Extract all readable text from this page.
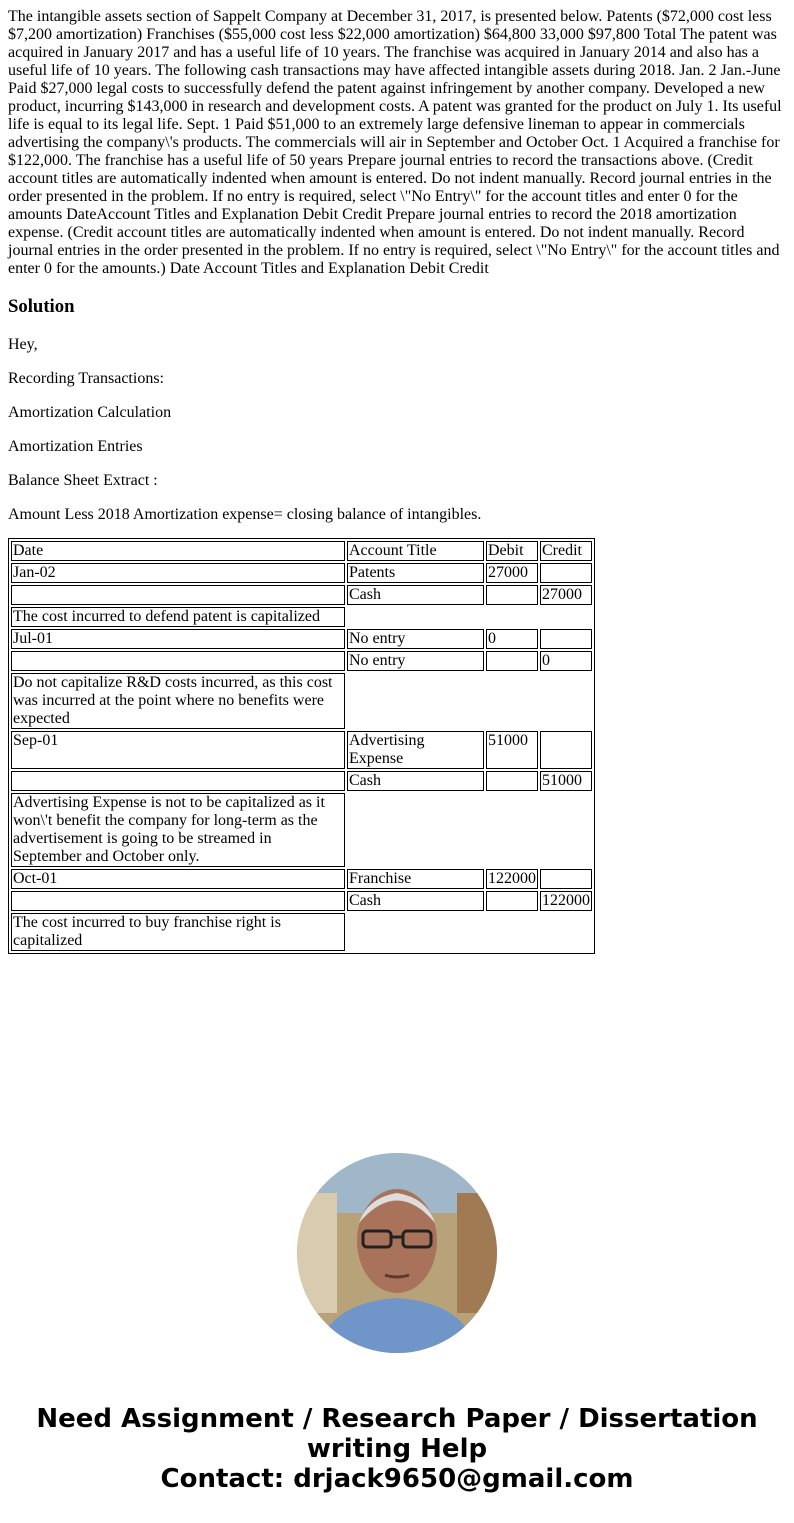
The intangible assets section of Sappelt Company at December 31, 2017, is presented below. Patents ($72,000 cost less $7,200 amortization) Franchises ($55,000 cost less $22,000 amortization) $64,800 33,000 $97,800 Total The patent was acquired in January 2017 and has a useful life of 10 years. The franchise was acquired in January 2014 and also has a useful life of 10 years. The following cash transactions may have affected intangible assets during 2018. Jan. 2 Jan.-June Paid $27,000 legal costs to successfully defend the patent against infringement by another company. Developed a new product, incurring $143,000 in research and development costs. A patent was granted for the product on July 1. Its useful life is equal to its legal life. Sept. 1 Paid $51,000 to an extremely large defensive lineman to appear in commercials advertising the company\'s products. The commercials will air in September and October Oct. 1 Acquired a franchise for $122,000. The franchise has a useful life of 50 years Prepare journal entries to record the transactions above. (Credit account titles are automatically indented when amount is entered. Do not indent manually. Record journal entries in the order presented in the problem. If no entry is required, select \"No Entry\" for the account titles and enter 0 for the amounts DateAccount Titles and Explanation Debit Credit Prepare journal entries to record the 2018 amortization expense. (Credit account titles are automatically indented when amount is entered. Do not indent manually. Record journal entries in the order presented in the problem. If no entry is required, select \"No Entry\" for the account titles and enter 0 for the amounts.) Date Account Titles and Explanation Debit Credit

Solution

Hey,

Recording Transactions:

Amortization Calculation

Amortization Entries

Balance Sheet Extract :

Amount Less 2018 Amortization expense= closing balance of intangibles.

Date	Account Title	Debit	Credit
Jan-02	Patents	27000	
	Cash		27000
The cost incurred to defend patent is capitalized			
Jul-01	No entry	0	
	No entry		0
Do not capitalize R&D costs incurred, as this cost was incurred at the point where no benefits were expected			
Sep-01	Advertising Expense	51000	
	Cash		51000
Advertising Expense is not to be capitalized as it won\'t benefit the company for long-term as the advertisement is going to be streamed in September and October only.			
Oct-01	Franchise	122000	
	Cash		122000
The cost incurred to buy franchise right is capitalized			
Need Assignment / Research Paper / Dissertation writing Help
Contact: drjack9650@gmail.com
